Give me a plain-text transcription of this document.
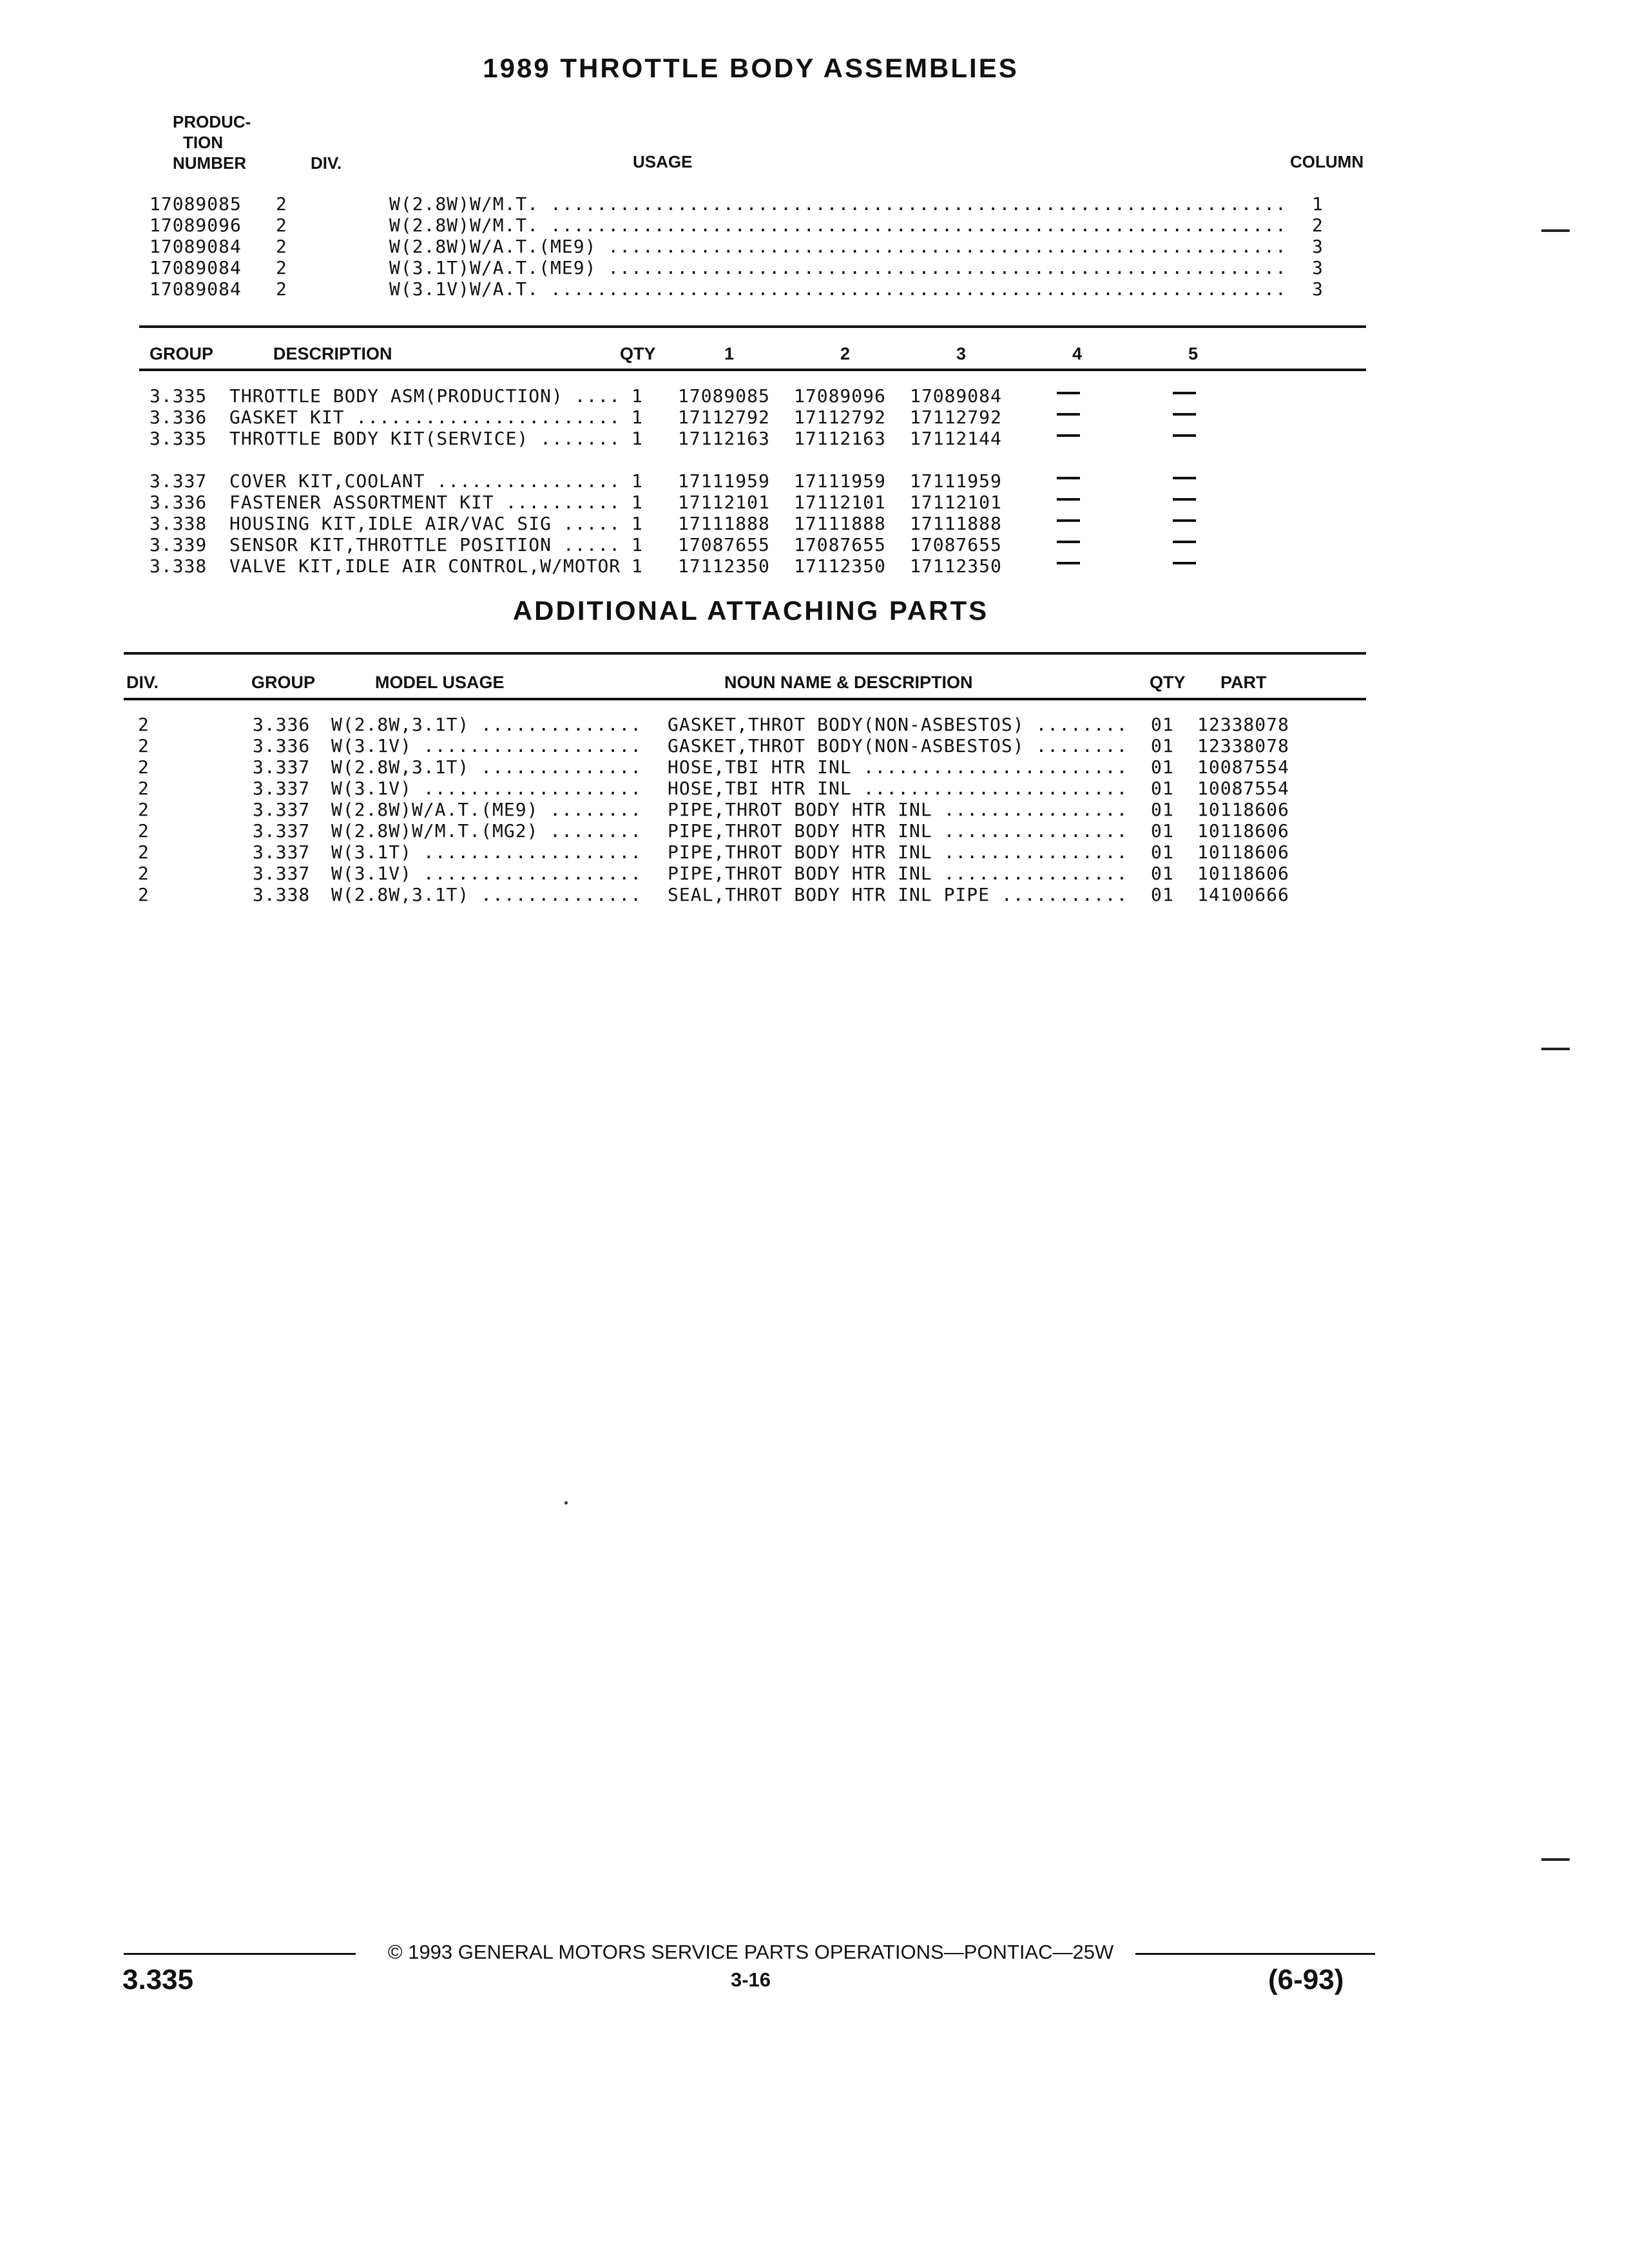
1989 THROTTLE BODY ASSEMBLIES
PRODUC-
TION
NUMBER	DIV.	USAGE	COLUMN
17089085 2	W(2.8W)W/M.T. ................................................................ 1
17089096 2	W(2.8W)W/M.T. ................................................................ 2
17089084 2	W(2.8W)W/A.T.(ME9) ........................................................... 3
17089084 2	W(3.1T)W/A.T.(ME9) ........................................................... 3
17089084 2	W(3.1V)W/A.T. ................................................................ 3
GROUP	DESCRIPTION	QTY	1	2	3	4	5
3.335 THROTTLE BODY ASM(PRODUCTION) .... 1 17089085 17089096 17089084
3.336 GASKET KIT ....................... 1 17112792 17112792 17112792
3.335 THROTTLE BODY KIT(SERVICE) ....... 1 17112163 17112163 17112144
3.337 COVER KIT,COOLANT ................ 1 17111959 17111959 17111959
3.336 FASTENER ASSORTMENT KIT .......... 1 17112101 17112101 17112101
3.338 HOUSING KIT,IDLE AIR/VAC SIG ..... 1 17111888 17111888 17111888
3.339 SENSOR KIT,THROTTLE POSITION ..... 1 17087655 17087655 17087655
3.338 VALVE KIT,IDLE AIR CONTROL,W/MOTOR 1 17112350 17112350 17112350
ADDITIONAL ATTACHING PARTS
DIV.	GROUP	MODEL USAGE	NOUN NAME & DESCRIPTION	QTY PART
2	3.336 W(2.8W,3.1T) .............. GASKET,THROT BODY(NON-ASBESTOS) ........ 01 12338078
2	3.336 W(3.1V) ................... GASKET,THROT BODY(NON-ASBESTOS) ........ 01 12338078
2	3.337 W(2.8W,3.1T) .............. HOSE,TBI HTR INL ....................... 01 10087554
2	3.337 W(3.1V) ................... HOSE,TBI HTR INL ....................... 01 10087554
2	3.337 W(2.8W)W/A.T.(ME9) ........ PIPE,THROT BODY HTR INL ................ 01 10118606
2	3.337 W(2.8W)W/M.T.(MG2) ........ PIPE,THROT BODY HTR INL ................ 01 10118606
2	3.337 W(3.1T) ................... PIPE,THROT BODY HTR INL ................ 01 10118606
2	3.337 W(3.1V) ................... PIPE,THROT BODY HTR INL ................ 01 10118606
2	3.338 W(2.8W,3.1T) .............. SEAL,THROT BODY HTR INL PIPE ........... 01 14100666
© 1993 GENERAL MOTORS SERVICE PARTS OPERATIONS—PONTIAC—25W
3-16
3.335	(6-93)
